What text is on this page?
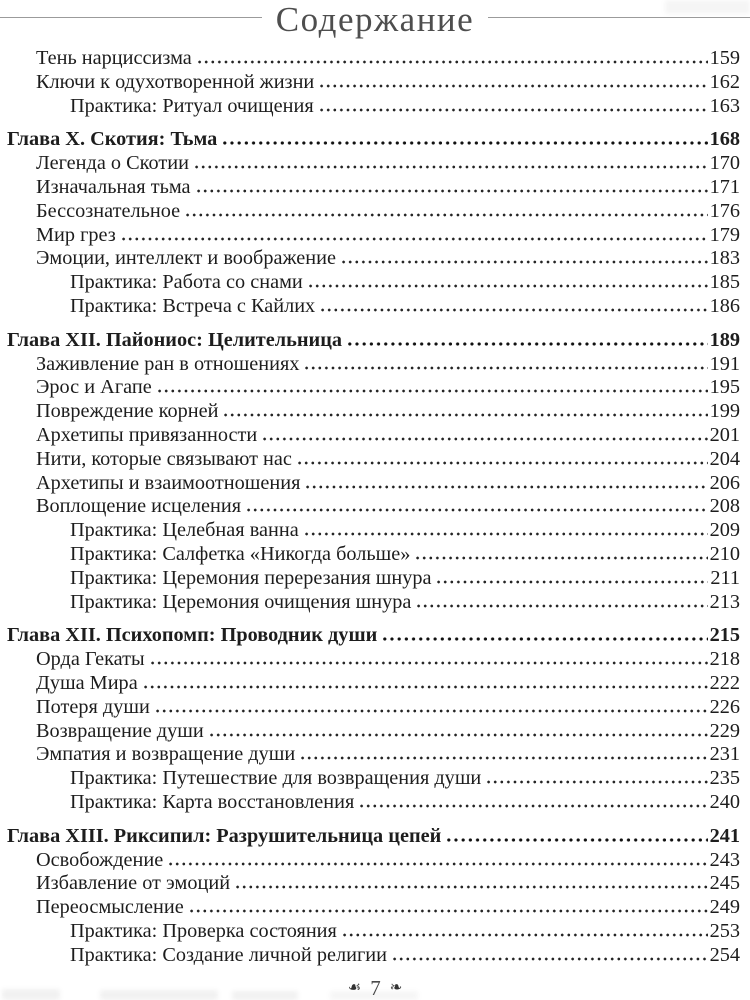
Содержание
Тень нарциссизма	159
Ключи к одухотворенной жизни	162
Практика: Ритуал очищения	163
Глава X. Скотия: Тьма	168
Легенда о Скотии	170
Изначальная тьма	171
Бессознательное	176
Мир грез	179
Эмоции, интеллект и воображение	183
Практика: Работа со снами	185
Практика: Встреча с Кайлих	186
Глава XII. Пайониос: Целительница	189
Заживление ран в отношениях	191
Эрос и Агапе	195
Повреждение корней	199
Архетипы привязанности	201
Нити, которые связывают нас	204
Архетипы и взаимоотношения	206
Воплощение исцеления	208
Практика: Целебная ванна	209
Практика: Салфетка «Никогда больше»	210
Практика: Церемония перерезания шнура	211
Практика: Церемония очищения шнура	213
Глава XII. Психопомп: Проводник души	215
Орда Гекаты	218
Душа Мира	222
Потеря души	226
Возвращение души	229
Эмпатия и возвращение души	231
Практика: Путешествие для возвращения души	235
Практика: Карта восстановления	240
Глава XIII. Риксипил: Разрушительница цепей	241
Освобождение	243
Избавление от эмоций	245
Переосмысление	249
Практика: Проверка состояния	253
Практика: Создание личной религии	254
☙ 7 ❧
